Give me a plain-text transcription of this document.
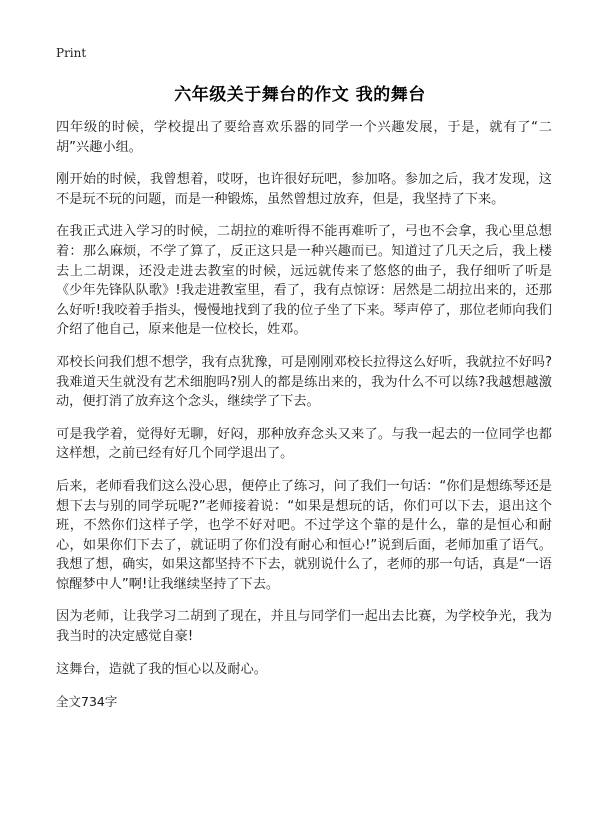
Print
六年级关于舞台的作文 我的舞台

四年级的时候，学校提出了要给喜欢乐器的同学一个兴趣发展，于是，就有了“二胡”兴趣小组。

刚开始的时候，我曾想着，哎呀，也许很好玩吧，参加咯。参加之后，我才发现，这不是玩不玩的问题，而是一种锻炼，虽然曾想过放弃，但是，我坚持了下来。

在我正式进入学习的时候，二胡拉的难听得不能再难听了，弓也不会拿，我心里总想着：那么麻烦，不学了算了，反正这只是一种兴趣而已。知道过了几天之后，我上楼去上二胡课，还没走进去教室的时候，远远就传来了悠悠的曲子，我仔细听了听是《少年先锋队队歌》!我走进教室里，看了，我有点惊讶：居然是二胡拉出来的，还那么好听!我咬着手指头，慢慢地找到了我的位子坐了下来。琴声停了，那位老师向我们介绍了他自己，原来他是一位校长，姓邓。

邓校长问我们想不想学，我有点犹豫，可是刚刚邓校长拉得这么好听，我就拉不好吗?我难道天生就没有艺术细胞吗?别人的都是练出来的，我为什么不可以练?我越想越激动，便打消了放弃这个念头，继续学了下去。

可是我学着，觉得好无聊，好闷，那种放弃念头又来了。与我一起去的一位同学也都这样想，之前已经有好几个同学退出了。

后来，老师看我们这么没心思，便停止了练习，问了我们一句话：“你们是想练琴还是想下去与别的同学玩呢?”老师接着说：“如果是想玩的话，你们可以下去，退出这个班，不然你们这样子学，也学不好对吧。不过学这个靠的是什么，靠的是恒心和耐心，如果你们下去了，就证明了你们没有耐心和恒心!”说到后面，老师加重了语气。我想了想，确实，如果这都坚持不下去，就别说什么了，老师的那一句话，真是“一语惊醒梦中人”啊!让我继续坚持了下去。

因为老师，让我学习二胡到了现在，并且与同学们一起出去比赛，为学校争光，我为我当时的决定感觉自豪!

这舞台，造就了我的恒心以及耐心。

全文734字
